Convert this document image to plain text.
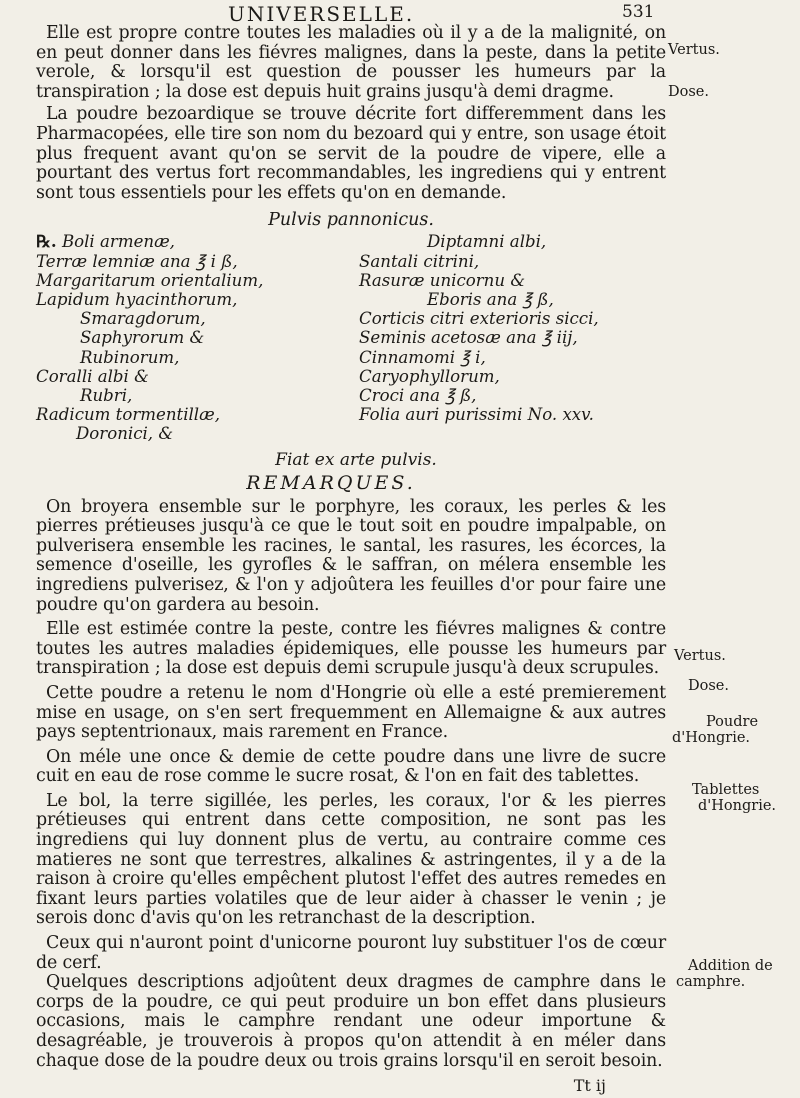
UNIVERSELLE.	531

Elle est propre contre toutes les maladies où il y a de la malignité, on en peut donner dans les fiévres malignes, dans la peste, dans la petite verole, & lorsqu'il est question de pousser les humeurs par la transpiration ; la dose est depuis huit grains jusqu'à demi dragme.

La poudre bezoardique se trouve décrite fort differemment dans les Pharmacopées, elle tire son nom du bezoard qui y entre, son usage étoit plus frequent avant qu'on se servit de la poudre de vipere, elle a pourtant des vertus fort recommandables, les ingrediens qui y entrent sont tous essentiels pour les effets qu'on en demande.

Pulvis pannonicus.
℞. Boli armenæ,
Terræ lemniæ ana ℥ i ß,
Margaritarum orientalium,
Lapidum hyacinthorum,
Smaragdorum,
Saphyrorum &
Rubinorum,
Coralli albi &
Rubri,
Radicum tormentillæ,
Doronici, &
Diptamni albi,
Santali citrini,
Rasuræ unicornu &
Eboris ana ℥ ß,
Corticis citri exterioris sicci,
Seminis acetosæ ana ℥ iij,
Cinnamomi ℥ i,
Caryophyllorum,
Croci ana ℥ ß,
Folia auri purissimi No. xxv.
Fiat ex arte pulvis.
REMARQUES.

On broyera ensemble sur le porphyre, les coraux, les perles & les pierres prétieuses jusqu'à ce que le tout soit en poudre impalpable, on pulverisera ensemble les racines, le santal, les rasures, les écorces, la semence d'oseille, les gyrofles & le saffran, on mélera ensemble les ingrediens pulverisez, & l'on y adjoûtera les feuilles d'or pour faire une poudre qu'on gardera au besoin.

Elle est estimée contre la peste, contre les fiévres malignes & contre toutes les autres maladies épidemiques, elle pousse les humeurs par transpiration ; la dose est depuis demi scrupule jusqu'à deux scrupules.

Cette poudre a retenu le nom d'Hongrie où elle a esté premierement mise en usage, on s'en sert frequemment en Allemaigne & aux autres pays septentrionaux, mais rarement en France.

On méle une once & demie de cette poudre dans une livre de sucre cuit en eau de rose comme le sucre rosat, & l'on en fait des tablettes.

Le bol, la terre sigillée, les perles, les coraux, l'or & les pierres prétieuses qui entrent dans cette composition, ne sont pas les ingrediens qui luy donnent plus de vertu, au contraire comme ces matieres ne sont que terrestres, alkalines & astringentes, il y a de la raison à croire qu'elles empêchent plutost l'effet des autres remedes en fixant leurs parties volatiles que de leur aider à chasser le venin ; je serois donc d'avis qu'on les retranchast de la description.

Ceux qui n'auront point d'unicorne pouront luy substituer l'os de cœur de cerf.

Quelques descriptions adjoûtent deux dragmes de camphre dans le corps de la poudre, ce qui peut produire un bon effet dans plusieurs occasions, mais le camphre rendant une odeur importune & desagréable, je trouverois à propos qu'on attendit à en méler dans chaque dose de la poudre deux ou trois grains lorsqu'il en seroit besoin.

Tt ij
Vertus.
Dose.
Vertus.
Dose.
Poudre
d'Hongrie.
Tablettes
d'Hongrie.
Addition de
camphre.
